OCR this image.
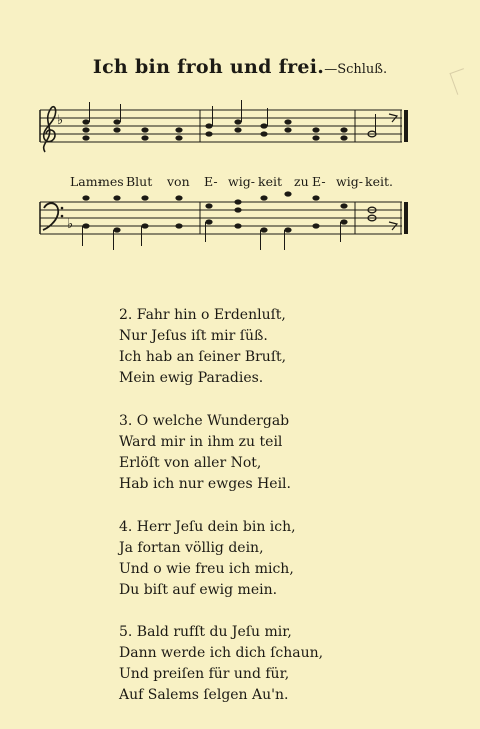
Ich bin froh und frei.—Schluß.
♭
♭
Lam-
mes Blut von E- wig- keit zu E- wig- keit.
2. Fahr hin o Erdenluſt,
Nur Jeſus iſt mir ſüß.
Ich hab an ſeiner Bruſt,
Mein ewig Paradies.
3. O welche Wundergab
Ward mir in ihm zu teil
Erlöſt von aller Not,
Hab ich nur ewges Heil.
4. Herr Jeſu dein bin ich,
Ja fortan völlig dein,
Und o wie freu ich mich,
Du biſt auf ewig mein.
5. Bald rufſt du Jeſu mir,
Dann werde ich dich ſchaun,
Und preiſen für und für,
Auf Salems ſelgen Au'n.
